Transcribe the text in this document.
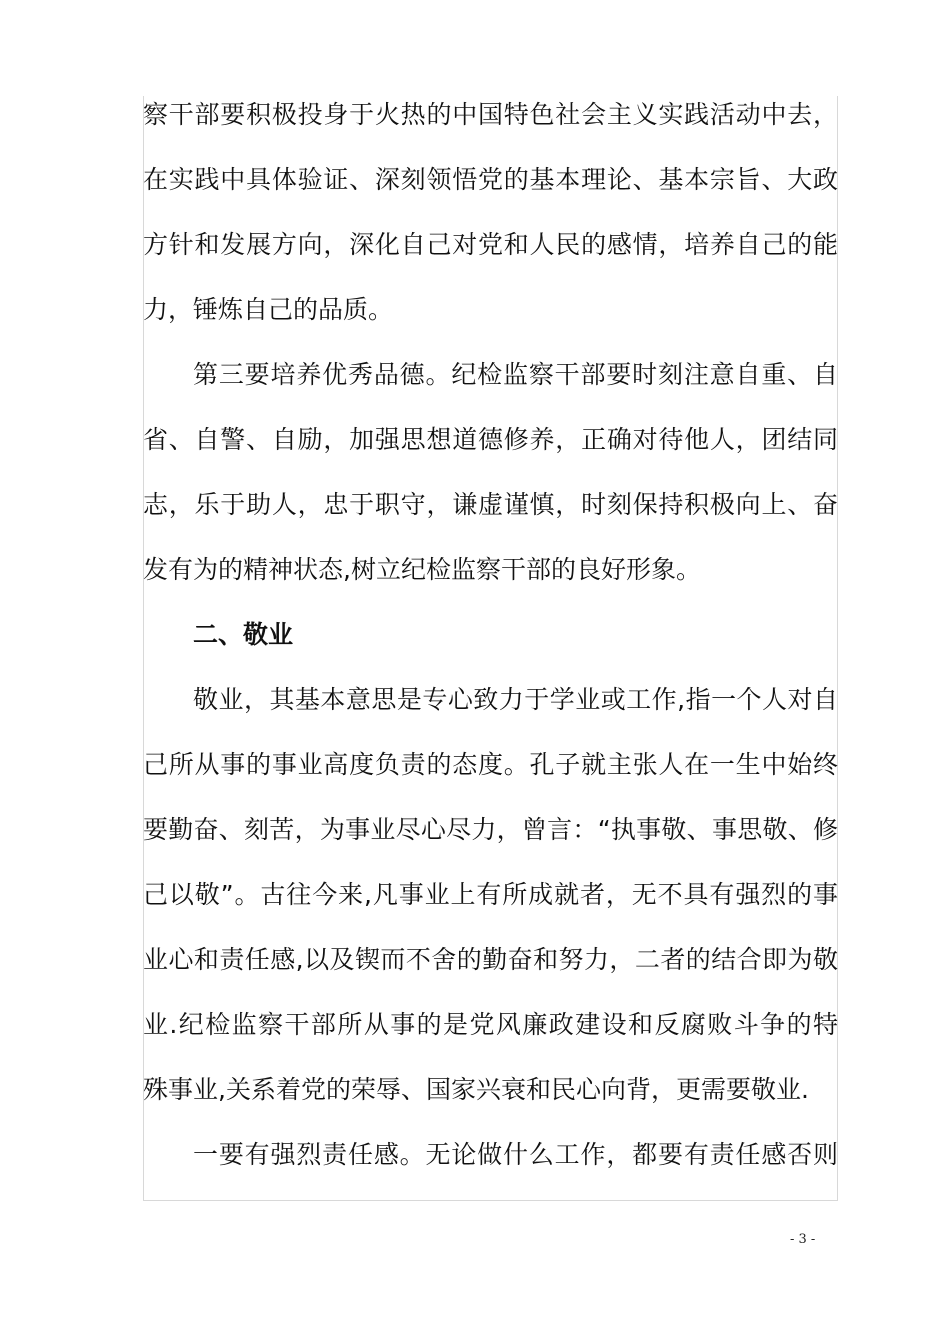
察干部要积极投身于火热的中国特色社会主义实践活动中去，
在实践中具体验证、深刻领悟党的基本理论、基本宗旨、大政
方针和发展方向，深化自己对党和人民的感情，培养自己的能
力，锤炼自己的品质。
第三要培养优秀品德。纪检监察干部要时刻注意自重、自
省、自警、自励，加强思想道德修养，正确对待他人，团结同
志，乐于助人，忠于职守，谦虚谨慎，时刻保持积极向上、奋
发有为的精神状态,树立纪检监察干部的良好形象。
二、敬业
敬业，其基本意思是专心致力于学业或工作,指一个人对自
己所从事的事业高度负责的态度。孔子就主张人在一生中始终
要勤奋、刻苦，为事业尽心尽力，曾言：“执事敬、事思敬、修
己以敬”。古往今来,凡事业上有所成就者，无不具有强烈的事
业心和责任感,以及锲而不舍的勤奋和努力，二者的结合即为敬
业.纪检监察干部所从事的是党风廉政建设和反腐败斗争的特
殊事业,关系着党的荣辱、国家兴衰和民心向背，更需要敬业.
一要有强烈责任感。无论做什么工作，都要有责任感否则
- 3 -
